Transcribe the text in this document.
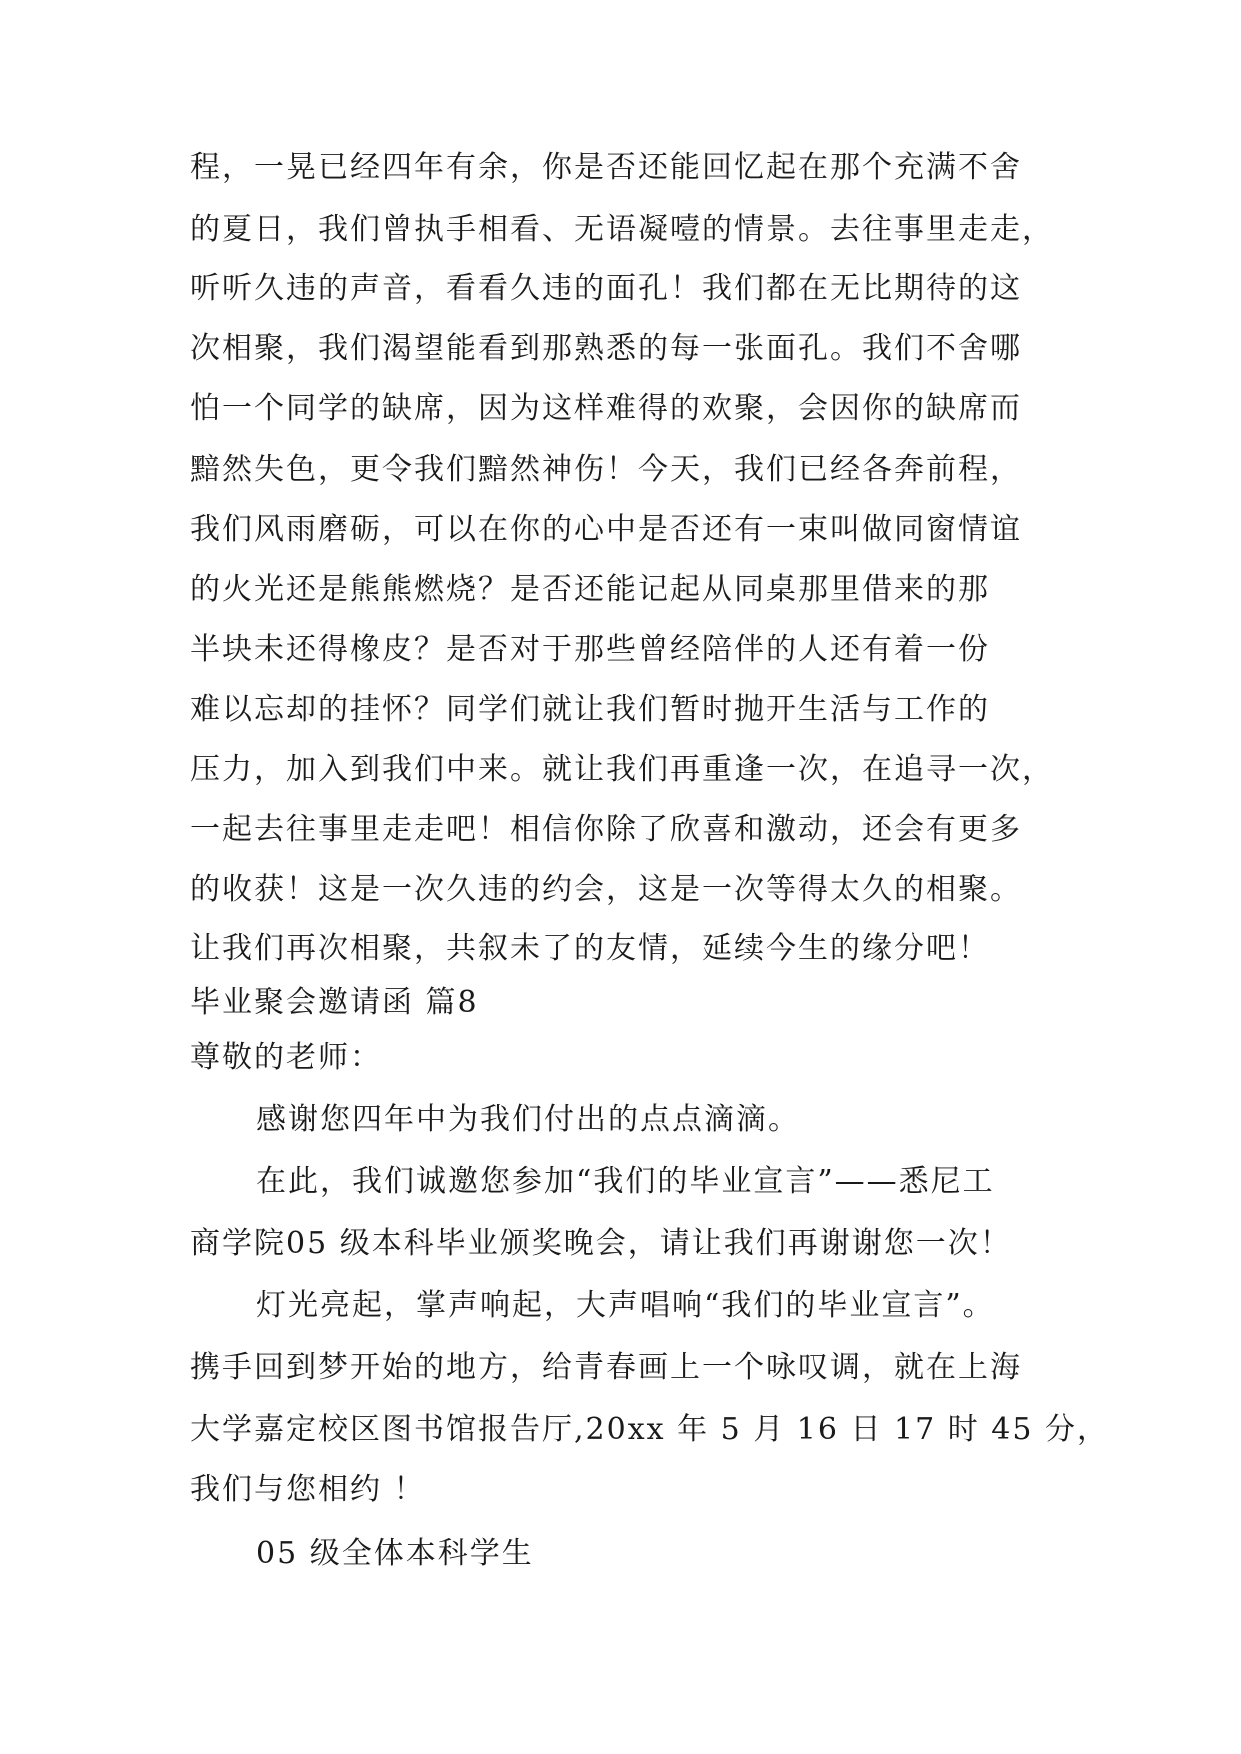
程，一晃已经四年有余，你是否还能回忆起在那个充满不舍
的夏日，我们曾执手相看、无语凝噎的情景。去往事里走走，
听听久违的声音，看看久违的面孔！我们都在无比期待的这
次相聚，我们渴望能看到那熟悉的每一张面孔。我们不舍哪
怕一个同学的缺席，因为这样难得的欢聚，会因你的缺席而
黯然失色，更令我们黯然神伤！今天，我们已经各奔前程，
我们风雨磨砺，可以在你的心中是否还有一束叫做同窗情谊
的火光还是熊熊燃烧？是否还能记起从同桌那里借来的那
半块未还得橡皮？是否对于那些曾经陪伴的人还有着一份
难以忘却的挂怀？同学们就让我们暂时抛开生活与工作的
压力，加入到我们中来。就让我们再重逢一次，在追寻一次，
一起去往事里走走吧！相信你除了欣喜和激动，还会有更多
的收获！这是一次久违的约会，这是一次等得太久的相聚。
让我们再次相聚，共叙未了的友情，延续今生的缘分吧！
毕业聚会邀请函 篇8
尊敬的老师：
感谢您四年中为我们付出的点点滴滴。
在此，我们诚邀您参加“我们的毕业宣言”——悉尼工
商学院05 级本科毕业颁奖晚会，请让我们再谢谢您一次！
灯光亮起，掌声响起，大声唱响“我们的毕业宣言”。
携手回到梦开始的地方，给青春画上一个咏叹调，就在上海
大学嘉定校区图书馆报告厅,20xx 年 5 月 16 日 17 时 45 分，
我们与您相约 ！
05 级全体本科学生
